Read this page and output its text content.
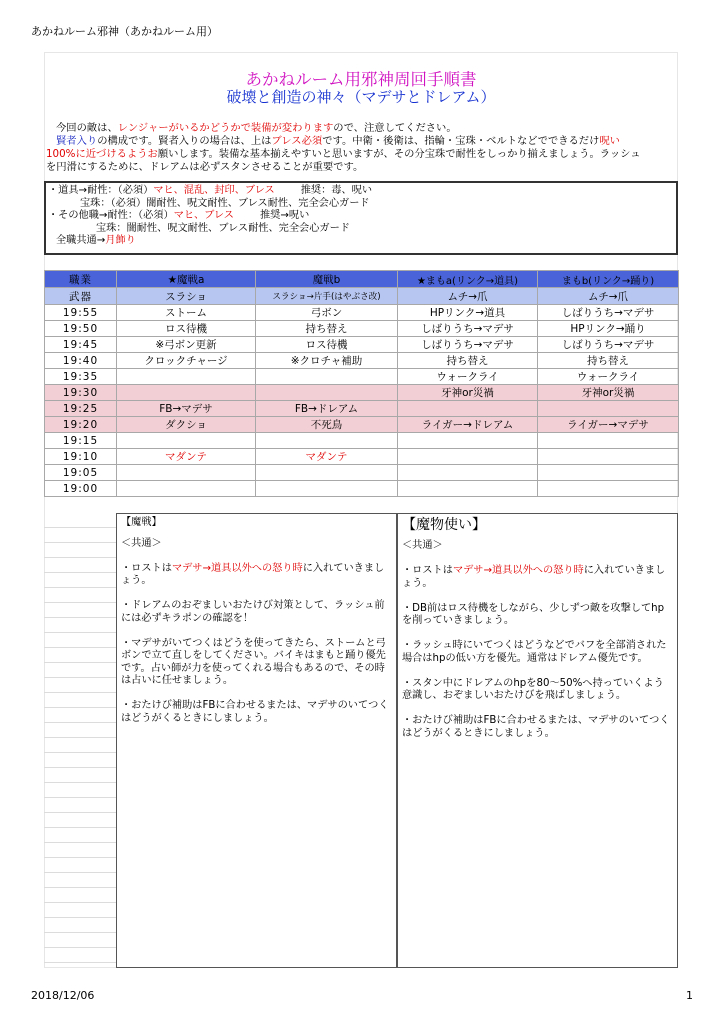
あかねルーム邪神（あかねルーム用）
あかねルーム用邪神周回手順書
破壊と創造の神々（マデサとドレアム）
今回の敵は、レンジャーがいるかどうかで装備が変わりますので、注意してください。
賢者入りの構成です。賢者入りの場合は、上はブレス必須です。中衛・後衛は、指輪・宝珠・ベルトなどでできるだけ呪い
100%に近づけるようお願いします。装備な基本揃えやすいと思いますが、その分宝珠で耐性をしっかり揃えましょう。ラッシュ
を円滑にするために、ドレアムは必ずスタンさせることが重要です。
・道具→耐性：（必須）マヒ、混乱、封印、ブレス	推奨：毒、呪い
宝珠：（必須）闇耐性、呪文耐性、ブレス耐性、完全会心ガード
・その他職→耐性：（必須）マヒ、ブレス	推奨→呪い
宝珠：闇耐性、呪文耐性、ブレス耐性、完全会心ガード
全職共通→月飾り
職業	★魔戦a	魔戦b	★まもa(リンク→道具)	まもb(リンク→踊り)
武器	スラショ	スラショ→片手(はやぶさ改)	ムチ→爪	ムチ→爪
19:55	ストーム	弓ボン	HPリンク→道具	しばりうち→マデサ
19:50	ロス待機	持ち替え	しばりうち→マデサ	HPリンク→踊り
19:45	※弓ボン更新	ロス待機	しばりうち→マデサ	しばりうち→マデサ
19:40	クロックチャージ	※クロチャ補助	持ち替え	持ち替え
19:35			ウォークライ	ウォークライ
19:30			牙神or災禍	牙神or災禍
19:25	FB→マデサ	FB→ドレアム		
19:20	ダクショ	不死鳥	ライガー→ドレアム	ライガー→マデサ
19:15				
19:10	マダンテ	マダンテ		
19:05				
19:00				

【魔戦】

＜共通＞

・ロストはマデサ→道具以外への怒り時に入れていきましょう。

・ドレアムのおぞましいおたけび対策として、ラッシュ前には必ずキラポンの確認を！

・マデサがいてつくはどうを使ってきたら、ストームと弓ボンで立て直しをしてください。バイキはまもと踊り優先です。占い師が力を使ってくれる場合もあるので、その時は占いに任せましょう。

・おたけび補助はFBに合わせるまたは、マデサのいてつくはどうがくるときにしましょう。

【魔物使い】

＜共通＞

・ロストはマデサ→道具以外への怒り時に入れていきましょう。

・DB前はロス待機をしながら、少しずつ敵を攻撃してhpを削っていきましょう。

・ラッシュ時にいてつくはどうなどでバフを全部消された場合はhpの低い方を優先。通常はドレアム優先です。

・スタン中にドレアムのhpを80～50%へ持っていくよう意識し、おぞましいおたけびを飛ばしましょう。

・おたけび補助はFBに合わせるまたは、マデサのいてつくはどうがくるときにしましょう。

2018/12/06	1
